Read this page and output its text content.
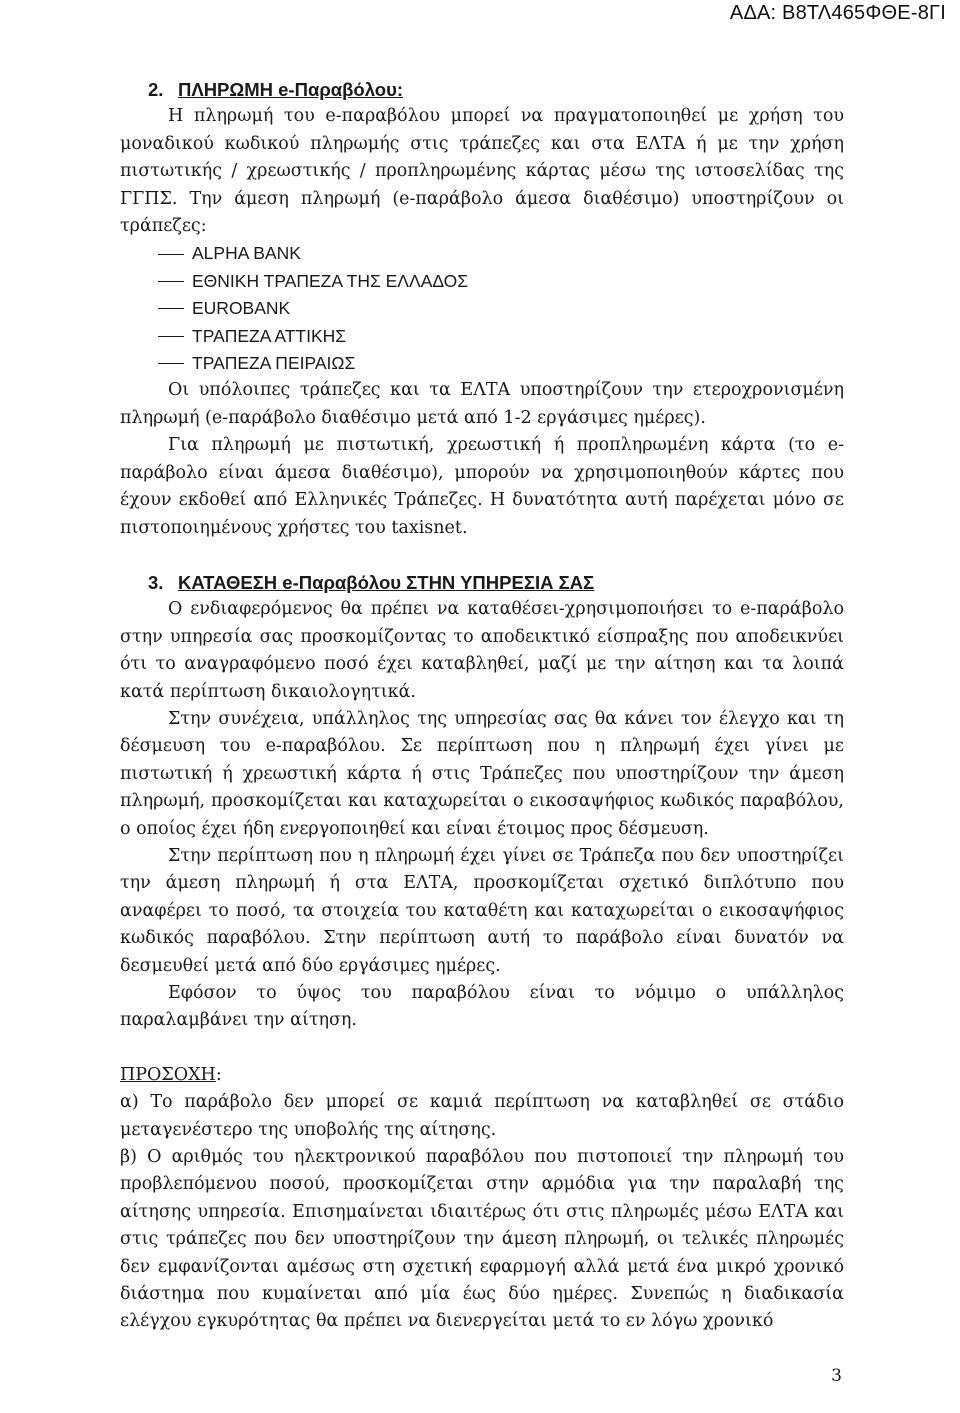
ΑΔΑ: Β8ΤΛ465ΦΘΕ-8ΓΙ
2. ΠΛΗΡΩΜΗ e-Παραβόλου:

Η πληρωμή του e-παραβόλου μπορεί να πραγματοποιηθεί με χρήση του μοναδικού κωδικού πληρωμής στις τράπεζες και στα ΕΛΤΑ ή με την χρήση πιστωτικής / χρεωστικής / προπληρωμένης κάρτας μέσω της ιστοσελίδας της ΓΓΠΣ. Την άμεση πληρωμή (e-παράβολο άμεσα διαθέσιμο) υποστηρίζουν οι τράπεζες:

ALPHA BANK
ΕΘΝΙΚΗ ΤΡΑΠΕΖΑ ΤΗΣ ΕΛΛΑΔΟΣ
EUROBANK
ΤΡΑΠΕΖΑ ΑΤΤΙΚΗΣ
ΤΡΑΠΕΖΑ ΠΕΙΡΑΙΩΣ

Οι υπόλοιπες τράπεζες και τα ΕΛΤΑ υποστηρίζουν την ετεροχρονισμένη πληρωμή (e-παράβολο διαθέσιμο μετά από 1-2 εργάσιμες ημέρες).

Για πληρωμή με πιστωτική, χρεωστική ή προπληρωμένη κάρτα (το e-παράβολο είναι άμεσα διαθέσιμο), μπορούν να χρησιμοποιηθούν κάρτες που έχουν εκδοθεί από Ελληνικές Τράπεζες. Η δυνατότητα αυτή παρέχεται μόνο σε πιστοποιημένους χρήστες του taxisnet.

3. ΚΑΤΑΘΕΣΗ e-Παραβόλου ΣΤΗΝ ΥΠΗΡΕΣΙΑ ΣΑΣ

Ο ενδιαφερόμενος θα πρέπει να καταθέσει-χρησιμοποιήσει το e-παράβολο στην υπηρεσία σας προσκομίζοντας το αποδεικτικό είσπραξης που αποδεικνύει ότι το αναγραφόμενο ποσό έχει καταβληθεί, μαζί με την αίτηση και τα λοιπά κατά περίπτωση δικαιολογητικά.

Στην συνέχεια, υπάλληλος της υπηρεσίας σας θα κάνει τον έλεγχο και τη δέσμευση του e-παραβόλου. Σε περίπτωση που η πληρωμή έχει γίνει με πιστωτική ή χρεωστική κάρτα ή στις Τράπεζες που υποστηρίζουν την άμεση πληρωμή, προσκομίζεται και καταχωρείται ο εικοσαψήφιος κωδικός παραβόλου, ο οποίος έχει ήδη ενεργοποιηθεί και είναι έτοιμος προς δέσμευση.

Στην περίπτωση που η πληρωμή έχει γίνει σε Τράπεζα που δεν υποστηρίζει την άμεση πληρωμή ή στα ΕΛΤΑ, προσκομίζεται σχετικό διπλότυπο που αναφέρει το ποσό, τα στοιχεία του καταθέτη και καταχωρείται ο εικοσαψήφιος κωδικός παραβόλου. Στην περίπτωση αυτή το παράβολο είναι δυνατόν να δεσμευθεί μετά από δύο εργάσιμες ημέρες.

Εφόσον το ύψος του παραβόλου είναι το νόμιμο ο υπάλληλος παραλαμβάνει την αίτηση.

ΠΡΟΣΟΧΗ:

α) Το παράβολο δεν μπορεί σε καμιά περίπτωση να καταβληθεί σε στάδιο μεταγενέστερο της υποβολής της αίτησης.

β) Ο αριθμός του ηλεκτρονικού παραβόλου που πιστοποιεί την πληρωμή του προβλεπόμενου ποσού, προσκομίζεται στην αρμόδια για την παραλαβή της αίτησης υπηρεσία. Επισημαίνεται ιδιαιτέρως ότι στις πληρωμές μέσω ΕΛΤΑ και στις τράπεζες που δεν υποστηρίζουν την άμεση πληρωμή, οι τελικές πληρωμές δεν εμφανίζονται αμέσως στη σχετική εφαρμογή αλλά μετά ένα μικρό χρονικό διάστημα που κυμαίνεται από μία έως δύο ημέρες. Συνεπώς η διαδικασία ελέγχου εγκυρότητας θα πρέπει να διενεργείται μετά το εν λόγω χρονικό

3
